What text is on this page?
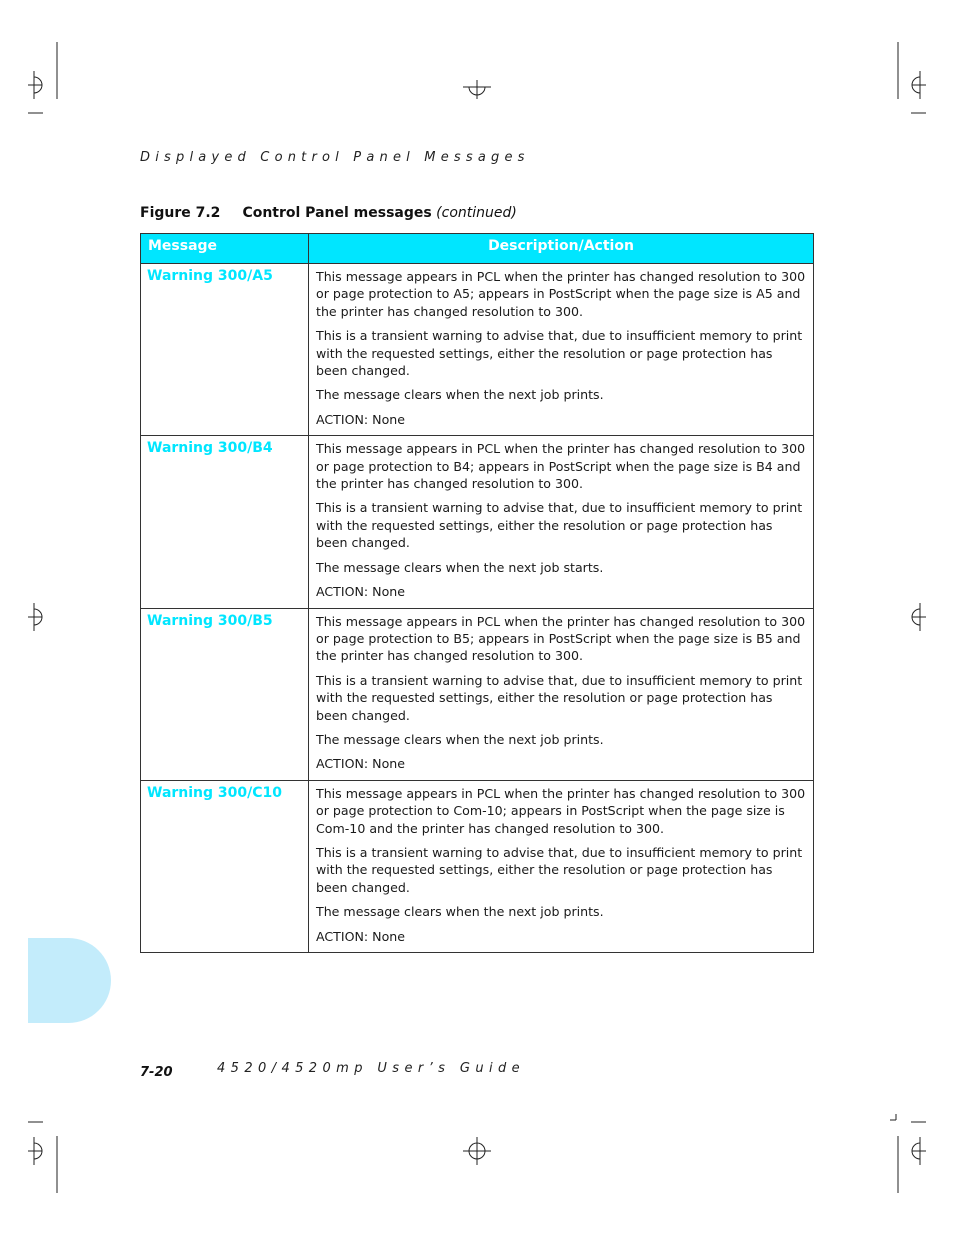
Displayed Control Panel Messages
Figure 7.2 Control Panel messages (continued)
Message	Description/Action
Warning 300/A5	This message appears in PCL when the printer has changed resolution to 300 or page protection to A5; appears in PostScript when the page size is A5 and the printer has changed resolution to 300.

This is a transient warning to advise that, due to insufficient memory to print with the requested settings, either the resolution or page protection has been changed.

The message clears when the next job prints.

ACTION: None

Warning 300/B4	This message appears in PCL when the printer has changed resolution to 300 or page protection to B4; appears in PostScript when the page size is B4 and the printer has changed resolution to 300.

This is a transient warning to advise that, due to insufficient memory to print with the requested settings, either the resolution or page protection has been changed.

The message clears when the next job starts.

ACTION: None

Warning 300/B5	This message appears in PCL when the printer has changed resolution to 300 or page protection to B5; appears in PostScript when the page size is B5 and the printer has changed resolution to 300.

This is a transient warning to advise that, due to insufficient memory to print with the requested settings, either the resolution or page protection has been changed.

The message clears when the next job prints.

ACTION: None

Warning 300/C10	This message appears in PCL when the printer has changed resolution to 300 or page protection to Com-10; appears in PostScript when the page size is Com-10 and the printer has changed resolution to 300.

This is a transient warning to advise that, due to insufficient memory to print with the requested settings, either the resolution or page protection has been changed.

The message clears when the next job prints.

ACTION: None

7-20	4520/4520mp User’s Guide
